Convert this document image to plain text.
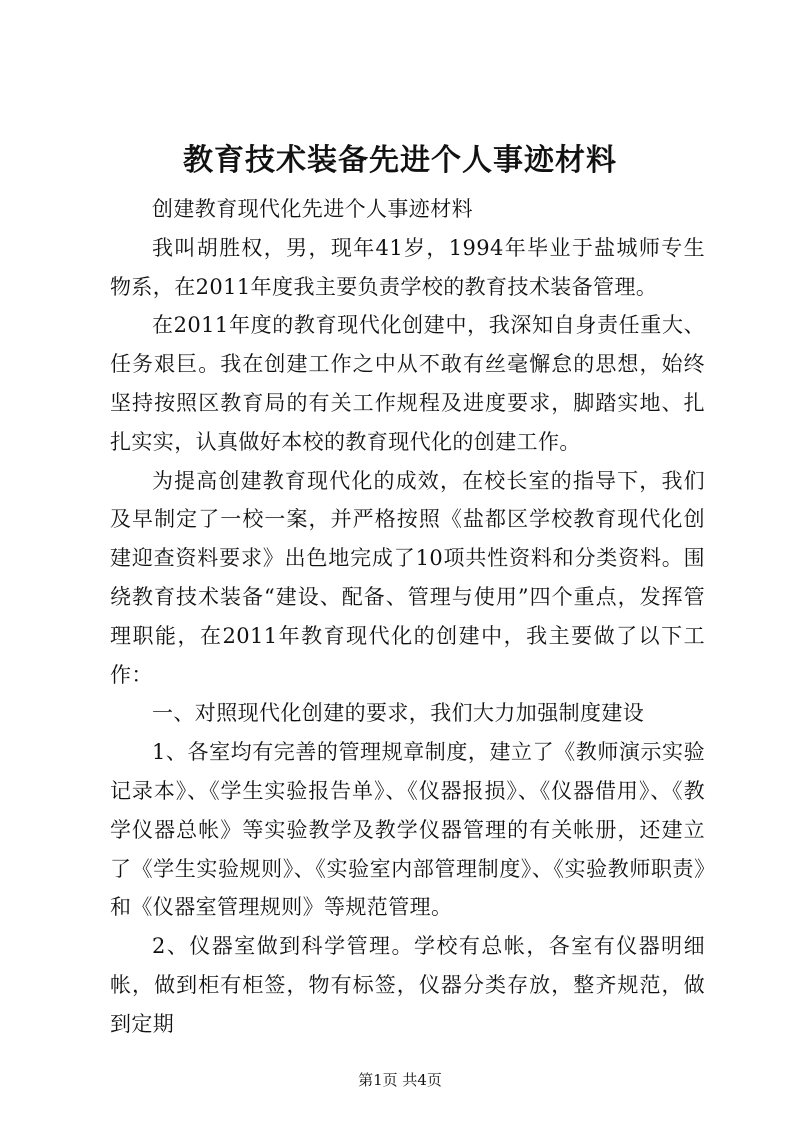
教育技术装备先进个人事迹材料

创建教育现代化先进个人事迹材料

我叫胡胜权，男，现年41岁，1994年毕业于盐城师专生物系，在2011年度我主要负责学校的教育技术装备管理。

在2011年度的教育现代化创建中，我深知自身责任重大、任务艰巨。我在创建工作之中从不敢有丝毫懈怠的思想，始终坚持按照区教育局的有关工作规程及进度要求，脚踏实地、扎扎实实，认真做好本校的教育现代化的创建工作。

为提高创建教育现代化的成效，在校长室的指导下，我们及早制定了一校一案，并严格按照《盐都区学校教育现代化创建迎查资料要求》出色地完成了10项共性资料和分类资料。围绕教育技术装备“建设、配备、管理与使用”四个重点，发挥管理职能，在2011年教育现代化的创建中，我主要做了以下工作：

一、对照现代化创建的要求，我们大力加强制度建设

1、各室均有完善的管理规章制度，建立了《教师演示实验记录本》、《学生实验报告单》、《仪器报损》、《仪器借用》、《教学仪器总帐》等实验教学及教学仪器管理的有关帐册，还建立了《学生实验规则》、《实验室内部管理制度》、《实验教师职责》和《仪器室管理规则》等规范管理。

2、仪器室做到科学管理。学校有总帐，各室有仪器明细帐，做到柜有柜签，物有标签，仪器分类存放，整齐规范，做到定期

第1页 共4页
